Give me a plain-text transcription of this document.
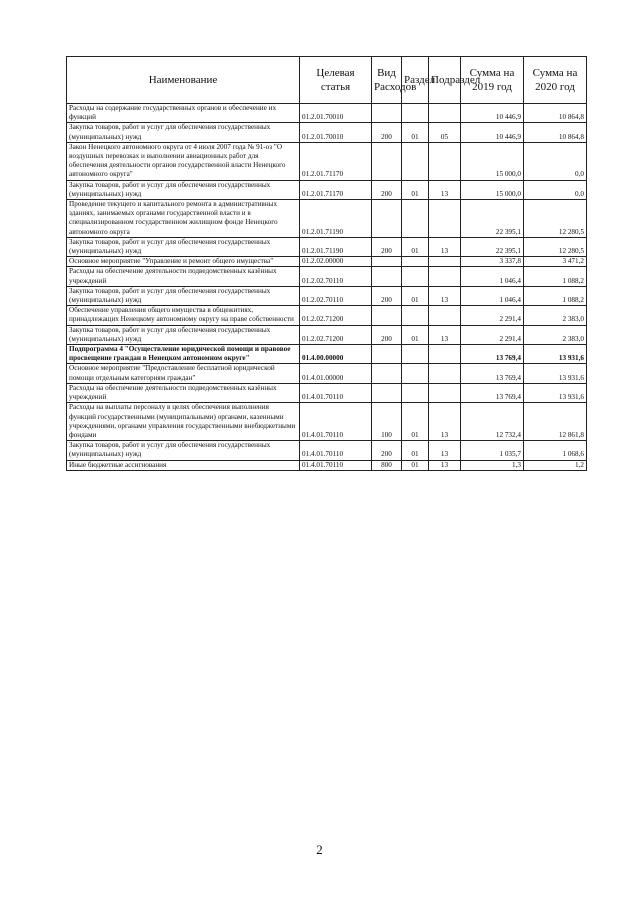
Наименование	Целевая статья	Вид Расходов	Раздел	Подраздел	Сумма на 2019 год	Сумма на 2020 год
Расходы на содержание государственных органов и обеспечение их функций	01.2.01.70010				10 446,9	10 864,8
Закупка товаров, работ и услуг для обеспечения государственных (муниципальных) нужд	01.2.01.70010	200	01	05	10 446,9	10 864,8
Закон Ненецкого автономного округа от 4 июля 2007 года № 91-оз "О воздушных перевозках и выполнении авиационных работ для обеспечения деятельности органов государственной власти Ненецкого автономного округа"	01.2.01.71170				15 000,0	0,0
Закупка товаров, работ и услуг для обеспечения государственных (муниципальных) нужд	01.2.01.71170	200	01	13	15 000,0	0,0
Проведение текущего и капитального ремонта в административных зданиях, занимаемых органами государственной власти и в специализированном государственном жилищном фонде Ненецкого автономного округа	01.2.01.71190				22 395,1	12 280,5
Закупка товаров, работ и услуг для обеспечения государственных (муниципальных) нужд	01.2.01.71190	200	01	13	22 395,1	12 280,5
Основное мероприятие "Управление и ремонт общего имущества"	01.2.02.00000				3 337,8	3 471,2
Расходы на обеспечение деятельности подведомственных казённых учреждений	01.2.02.70110				1 046,4	1 088,2
Закупка товаров, работ и услуг для обеспечения государственных (муниципальных) нужд	01.2.02.70110	200	01	13	1 046,4	1 088,2
Обеспечение управления общего имущества в общежитиях, принадлежащих Ненецкому автономному округу на праве собственности	01.2.02.71200				2 291,4	2 383,0
Закупка товаров, работ и услуг для обеспечения государственных (муниципальных) нужд	01.2.02.71200	200	01	13	2 291,4	2 383,0
Подпрограмма 4 "Осуществление юридической помощи и правовое просвещение граждан в Ненецком автономном округе"	01.4.00.00000				13 769,4	13 931,6
Основное мероприятие "Предоставление бесплатной юридической помощи отдельным категориям граждан"	01.4.01.00000				13 769,4	13 931,6
Расходы на обеспечение деятельности подведомственных казённых учреждений	01.4.01.70110				13 769,4	13 931,6
Расходы на выплаты персоналу в целях обеспечения выполнения функций государственными (муниципальными) органами, казенными учреждениями, органами управления государственными внебюджетными фондами	01.4.01.70110	100	01	13	12 732,4	12 861,8
Закупка товаров, работ и услуг для обеспечения государственных (муниципальных) нужд	01.4.01.70110	200	01	13	1 035,7	1 068,6
Иные бюджетные ассигнования	01.4.01.70110	800	01	13	1,3	1,2
2
